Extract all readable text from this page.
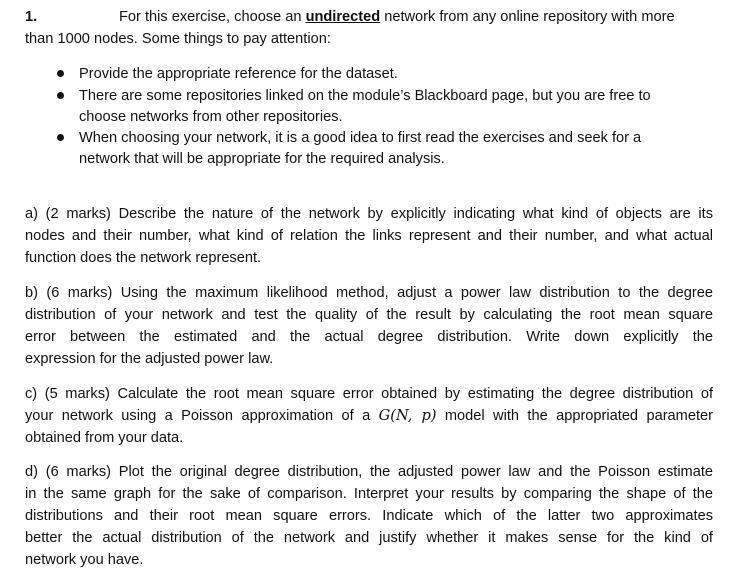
1.	For this exercise, choose an undirected network from any online repository with more
than 1000 nodes. Some things to pay attention:
Provide the appropriate reference for the dataset.
There are some repositories linked on the module’s Blackboard page, but you are free to
choose networks from other repositories.
When choosing your network, it is a good idea to first read the exercises and seek for a
network that will be appropriate for the required analysis.
a) (2 marks) Describe the nature of the network by explicitly indicating what kind of objects are its
nodes and their number, what kind of relation the links represent and their number, and what actual
function does the network represent.
b) (6 marks) Using the maximum likelihood method, adjust a power law distribution to the degree
distribution of your network and test the quality of the result by calculating the root mean square
error between the estimated and the actual degree distribution. Write down explicitly the
expression for the adjusted power law.
c) (5 marks) Calculate the root mean square error obtained by estimating the degree distribution of
your network using a Poisson approximation of a G(N, p) model with the appropriated parameter
obtained from your data.
d) (6 marks) Plot the original degree distribution, the adjusted power law and the Poisson estimate
in the same graph for the sake of comparison. Interpret your results by comparing the shape of the
distributions and their root mean square errors. Indicate which of the latter two approximates
better the actual distribution of the network and justify whether it makes sense for the kind of
network you have.
